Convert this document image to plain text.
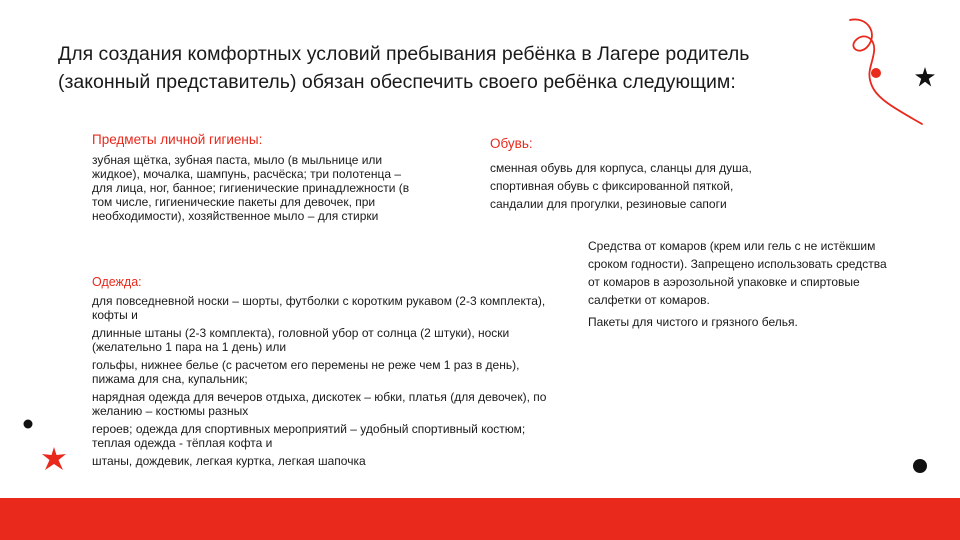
Для создания комфортных условий пребывания ребёнка в Лагере родитель
(законный представитель) обязан обеспечить своего ребёнка следующим:
Предметы личной гигиены:
зубная щётка, зубная паста, мыло (в мыльнице или жидкое), мочалка, шампунь, расчёска; три полотенца – для лица, ног, банное; гигиенические принадлежности (в том числе, гигиенические пакеты для девочек, при необходимости), хозяйственное мыло – для стирки
Обувь:
сменная обувь для корпуса, сланцы для душа,
спортивная обувь с фиксированной пяткой,
сандалии для прогулки, резиновые сапоги
Одежда:

для повседневной носки – шорты, футболки с коротким рукавом (2-3 комплекта), кофты и

длинные штаны (2-3 комплекта), головной убор от солнца (2 штуки), носки (желательно 1 пара на 1 день) или

гольфы, нижнее белье (с расчетом его перемены не реже чем 1 раз в день), пижама для сна, купальник;

нарядная одежда для вечеров отдыха, дискотек – юбки, платья (для девочек), по желанию – костюмы разных

героев; одежда для спортивных мероприятий – удобный спортивный костюм; теплая одежда - тёплая кофта и

штаны, дождевик, легкая куртка, легкая шапочка

Средства от комаров (крем или гель с не истёкшим сроком годности). Запрещено использовать средства от комаров в аэрозольной упаковке и спиртовые салфетки от комаров.

Пакеты для чистого и грязного белья.
